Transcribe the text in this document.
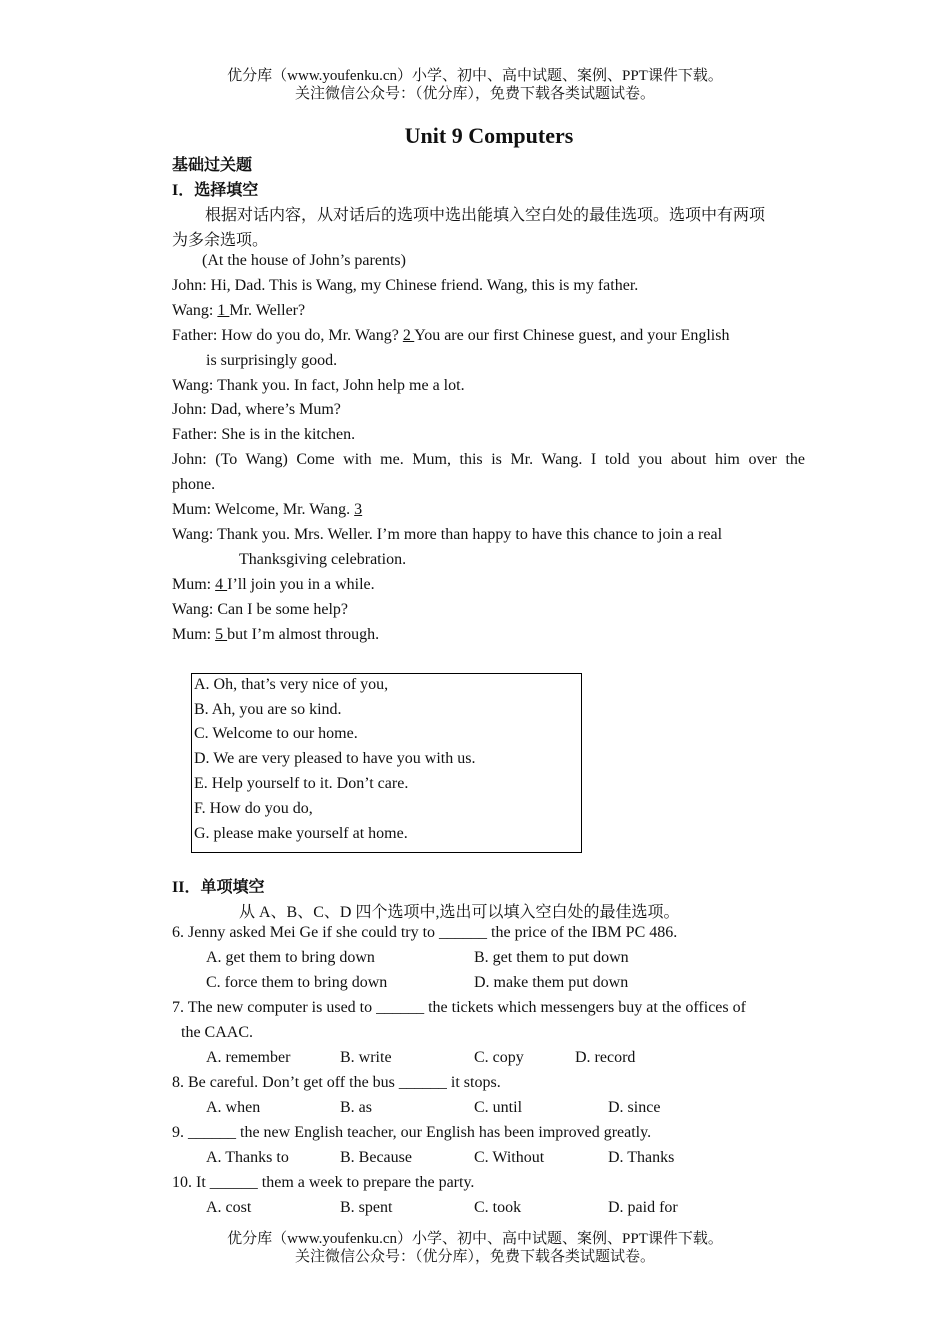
优分库（www.youfenku.cn）小学、初中、高中试题、案例、PPT课件下载。
关注微信公众号：（优分库），免费下载各类试题试卷。
Unit 9 Computers
基础过关题
I．选择填空
根据对话内容，从对话后的选项中选出能填入空白处的最佳选项。选项中有两项
为多余选项。
(At the house of John’s parents)
John: Hi, Dad. This is Wang, my Chinese friend. Wang, this is my father.
Wang: 1 Mr. Weller?
Father: How do you do, Mr. Wang? 2 You are our first Chinese guest, and your English
is surprisingly good.
Wang: Thank you. In fact, John help me a lot.
John: Dad, where’s Mum?
Father: She is in the kitchen.
John: (To Wang) Come with me. Mum, this is Mr. Wang. I told you about him over the
phone.
Mum: Welcome, Mr. Wang. 3
Wang: Thank you. Mrs. Weller. I’m more than happy to have this chance to join a real
Thanksgiving celebration.
Mum: 4 I’ll join you in a while.
Wang: Can I be some help?
Mum: 5 but I’m almost through.
A. Oh, that’s very nice of you,
B. Ah, you are so kind.
C. Welcome to our home.
D. We are very pleased to have you with us.
E. Help yourself to it. Don’t care.
F. How do you do,
G. please make yourself at home.
II．单项填空
从 A、B、C、D 四个选项中,选出可以填入空白处的最佳选项。
6. Jenny asked Mei Ge if she could try to ______ the price of the IBM PC 486.
A. get them to bring down	B. get them to put down
C. force them to bring down	D. make them put down
7. The new computer is used to ______ the tickets which messengers buy at the offices of
the CAAC.
A. remember	B. write	C. copy	D. record
8. Be careful. Don’t get off the bus ______ it stops.
A. when	B. as	C. until	D. since
9. ______ the new English teacher, our English has been improved greatly.
A. Thanks to	B. Because	C. Without	D. Thanks
10. It ______ them a week to prepare the party.
A. cost	B. spent	C. took	D. paid for
优分库（www.youfenku.cn）小学、初中、高中试题、案例、PPT课件下载。
关注微信公众号：（优分库），免费下载各类试题试卷。
